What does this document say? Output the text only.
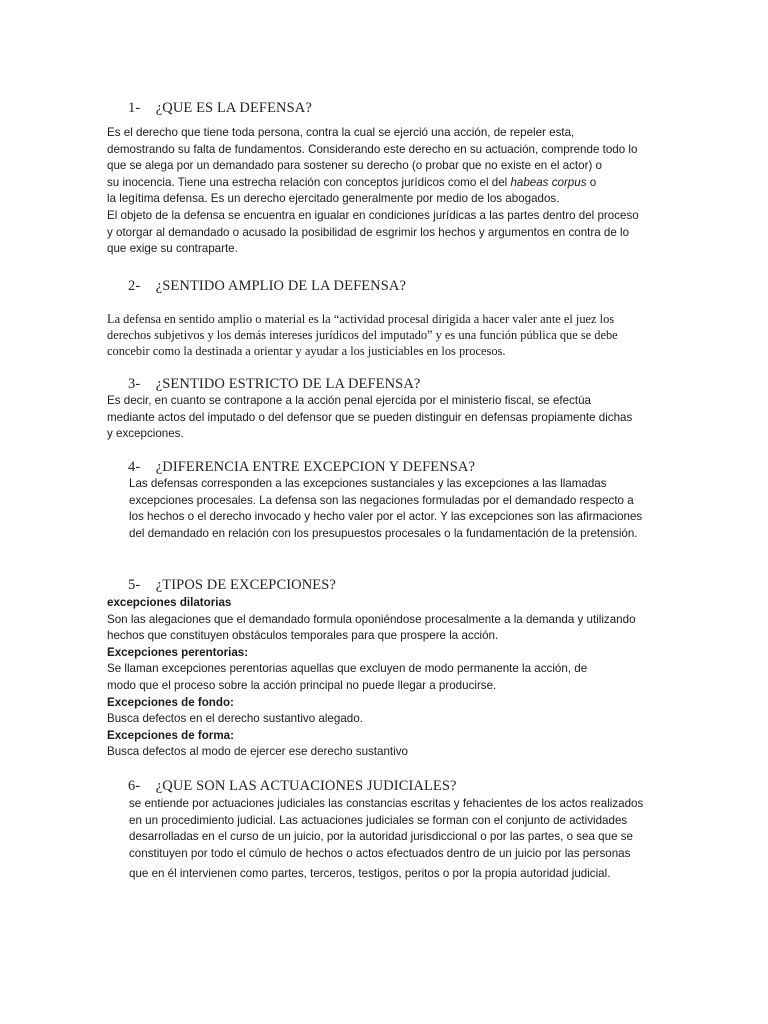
1- ¿QUE ES LA DEFENSA?
Es el derecho que tiene toda persona, contra la cual se ejerció una acción, de repeler esta,
demostrando su falta de fundamentos. Considerando este derecho en su actuación, comprende todo lo
que se alega por un demandado para sostener su derecho (o probar que no existe en el actor) o
su inocencia. Tiene una estrecha relación con conceptos jurídicos como el del habeas corpus o
la legítima defensa. Es un derecho ejercitado generalmente por medio de los abogados.
El objeto de la defensa se encuentra en igualar en condiciones jurídicas a las partes dentro del proceso
y otorgar al demandado o acusado la posibilidad de esgrimir los hechos y argumentos en contra de lo
que exige su contraparte.
2- ¿SENTIDO AMPLIO DE LA DEFENSA?
La defensa en sentido amplio o material es la “actividad procesal dirigida a hacer valer ante el juez los
derechos subjetivos y los demás intereses jurídicos del imputado” y es una función pública que se debe
concebir como la destinada a orientar y ayudar a los justiciables en los procesos.
3- ¿SENTIDO ESTRICTO DE LA DEFENSA?
Es decir, en cuanto se contrapone a la acción penal ejercida por el ministerio fiscal, se efectúa
mediante actos del imputado o del defensor que se pueden distinguir en defensas propiamente dichas
y excepciones.
4- ¿DIFERENCIA ENTRE EXCEPCION Y DEFENSA?
Las defensas corresponden a las excepciones sustanciales y las excepciones a las llamadas
excepciones procesales. La defensa son las negaciones formuladas por el demandado respecto a
los hechos o el derecho invocado y hecho valer por el actor. Y las excepciones son las afirmaciones
del demandado en relación con los presupuestos procesales o la fundamentación de la pretensión.
5- ¿TIPOS DE EXCEPCIONES?
excepciones dilatorias
Son las alegaciones que el demandado formula oponiéndose procesalmente a la demanda y utilizando
hechos que constituyen obstáculos temporales para que prospere la acción.
Excepciones perentorias:
Se llaman excepciones perentorias aquellas que excluyen de modo permanente la acción, de
modo que el proceso sobre la acción principal no puede llegar a producirse.
Excepciones de fondo:
Busca defectos en el derecho sustantivo alegado.
Excepciones de forma:
Busca defectos al modo de ejercer ese derecho sustantivo
6- ¿QUE SON LAS ACTUACIONES JUDICIALES?
se entiende por actuaciones judiciales las constancias escritas y fehacientes de los actos realizados
en un procedimiento judicial. Las actuaciones judiciales se forman con el conjunto de actividades
desarrolladas en el curso de un juicio, por la autoridad jurisdiccional o por las partes, o sea que se
constituyen por todo el cúmulo de hechos o actos efectuados dentro de un juicio por las personas
que en él intervienen como partes, terceros, testigos, peritos o por la propia autoridad judicial.
